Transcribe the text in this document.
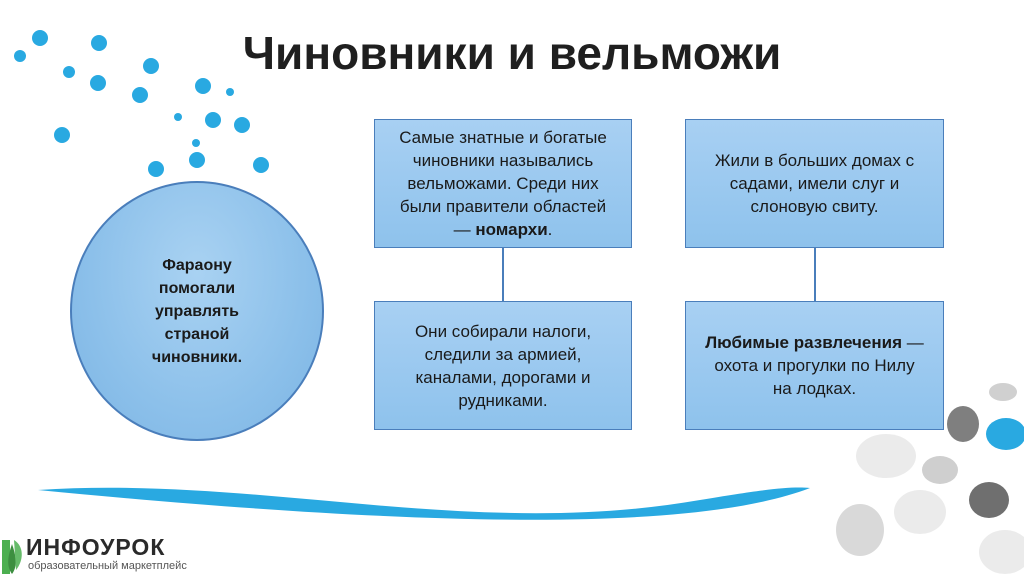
Чиновники и вельможи
Фараону
помогали
управлять
страной
чиновники.
Самые знатные и богатые
чиновники назывались
вельможами. Среди них
были правители областей
— номархи.
Жили в больших домах с
садами, имели слуг и
слоновую свиту.
Они собирали налоги,
следили за армией,
каналами, дорогами и
рудниками.
Любимые развлечения —
охота и прогулки по Нилу
на лодках.
ИНФОУРОК
образовательный маркетплейс
